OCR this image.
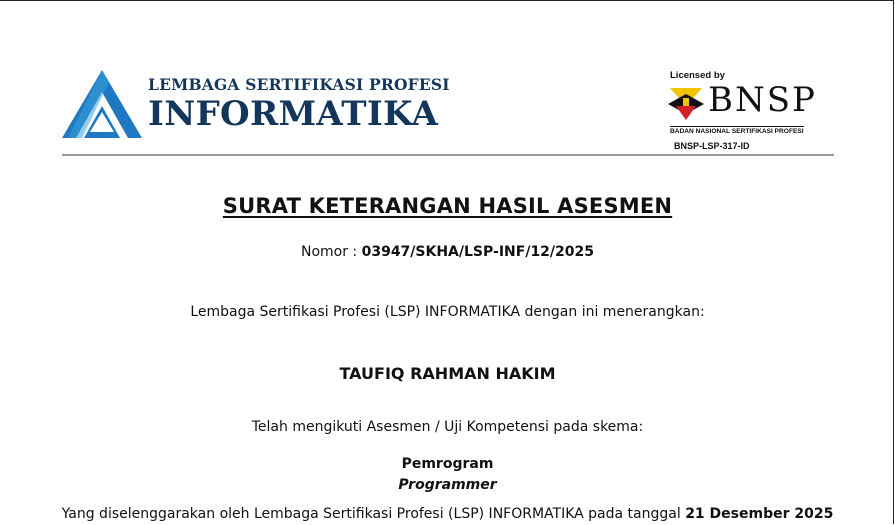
LEMBAGA SERTIFIKASI PROFESI
INFORMATIKA
Licensed by
BNSP
BADAN NASIONAL SERTIFIKASI PROFESI
BNSP-LSP-317-ID
SURAT KETERANGAN HASIL ASESMEN
Nomor : 03947/SKHA/LSP-INF/12/2025
Lembaga Sertifikasi Profesi (LSP) INFORMATIKA dengan ini menerangkan:
TAUFIQ RAHMAN HAKIM
Telah mengikuti Asesmen / Uji Kompetensi pada skema:
Pemrogram
Programmer
Yang diselenggarakan oleh Lembaga Sertifikasi Profesi (LSP) INFORMATIKA pada tanggal 21 Desember 2025
